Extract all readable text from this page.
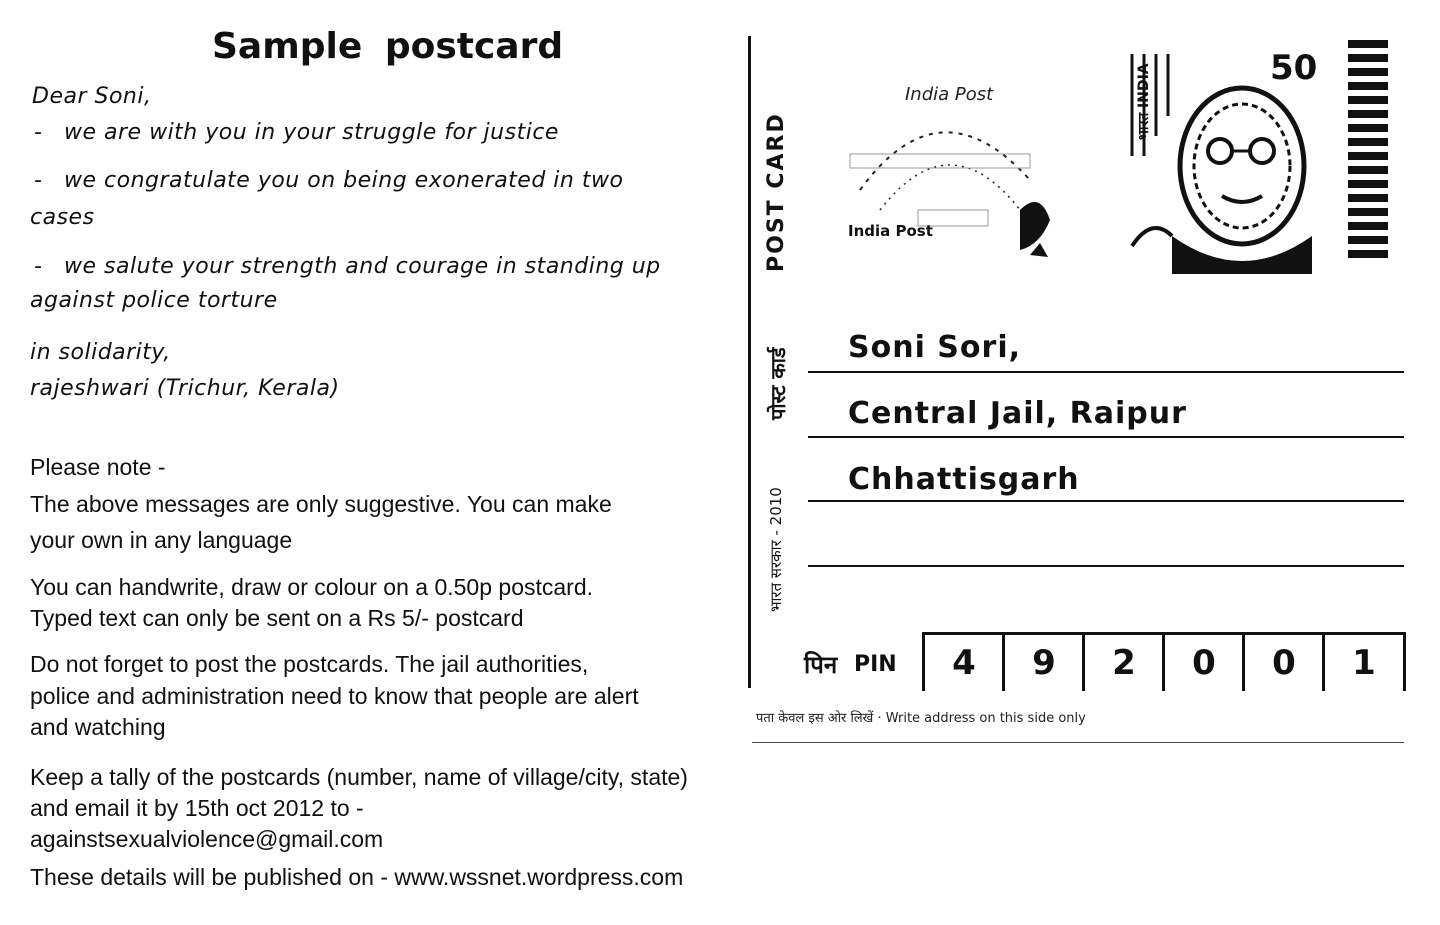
Sample postcard
Dear Soni,
- we are with you in your struggle for justice
- we congratulate you on being exonerated in two
cases
- we salute your strength and courage in standing up
against police torture
in solidarity,
rajeshwari (Trichur, Kerala)
Please note -
The above messages are only suggestive. You can make
your own in any language
You can handwrite, draw or colour on a 0.50p postcard.
Typed text can only be sent on a Rs 5/- postcard
Do not forget to post the postcards. The jail authorities,
police and administration need to know that people are alert
and watching
Keep a tally of the postcards (number, name of village/city, state)
and email it by 15th oct 2012 to -
againstsexualviolence@gmail.com
These details will be published on - www.wssnet.wordpress.com
POST CARD
पोस्ट कार्ड
भारत सरकार - 2010
India Post
India Post
50
भारत INDIA
Soni Sori,
Central Jail, Raipur
Chhattisgarh
पिन PIN	4	9	2	0	0	1
पता केवल इस ओर लिखें · Write address on this side only
